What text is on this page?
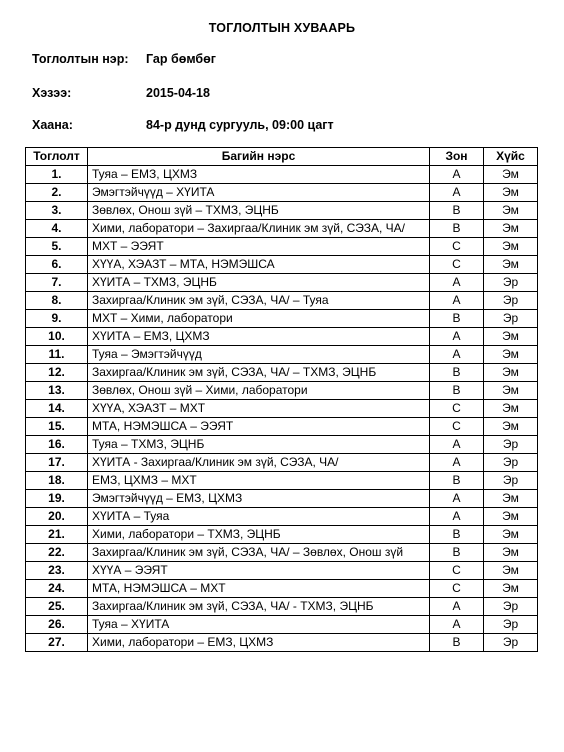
ТОГЛОЛТЫН ХУВААРЬ
Тоглолтын нэр: Гар бөмбөг
Хэзээ:	2015-04-18
Хаана:	84-р дунд сургууль, 09:00 цагт
Тоглолт	Багийн нэрс	Зон	Хүйс
1.	Туяа – ЕМЗ, ЦХМЗ	A	Эм
2.	Эмэгтэйчүүд – ХҮИТА	A	Эм
3.	Зөвлөх, Онош зүй – ТХМЗ, ЭЦНБ	B	Эм
4.	Хими, лаборатори – Захиргаа/Клиник эм зүй, СЭЗА, ЧА/	B	Эм
5.	МХТ – ЭЭЯТ	C	Эм
6.	ХҮҮА, ХЭАЗТ – МТА, НЭМЭШСА	C	Эм
7.	ХҮИТА – ТХМЗ, ЭЦНБ	A	Эр
8.	Захиргаа/Клиник эм зүй, СЭЗА, ЧА/ – Туяа	A	Эр
9.	МХТ – Хими, лаборатори	B	Эр
10.	ХҮИТА – ЕМЗ, ЦХМЗ	A	Эм
11.	Туяа – Эмэгтэйчүүд	A	Эм
12.	Захиргаа/Клиник эм зүй, СЭЗА, ЧА/ – ТХМЗ, ЭЦНБ	B	Эм
13.	Зөвлөх, Онош зүй – Хими, лаборатори	B	Эм
14.	ХҮҮА, ХЭАЗТ – МХТ	C	Эм
15.	МТА, НЭМЭШСА – ЭЭЯТ	C	Эм
16.	Туяа – ТХМЗ, ЭЦНБ	A	Эр
17.	ХҮИТА - Захиргаа/Клиник эм зүй, СЭЗА, ЧА/	A	Эр
18.	ЕМЗ, ЦХМЗ – МХТ	B	Эр
19.	Эмэгтэйчүүд – ЕМЗ, ЦХМЗ	A	Эм
20.	ХҮИТА – Туяа	A	Эм
21.	Хими, лаборатори – ТХМЗ, ЭЦНБ	B	Эм
22.	Захиргаа/Клиник эм зүй, СЭЗА, ЧА/ – Зөвлөх, Онош зүй	B	Эм
23.	ХҮҮА – ЭЭЯТ	C	Эм
24.	МТА, НЭМЭШСА – МХТ	C	Эм
25.	Захиргаа/Клиник эм зүй, СЭЗА, ЧА/ - ТХМЗ, ЭЦНБ	A	Эр
26.	Туяа – ХҮИТА	A	Эр
27.	Хими, лаборатори – ЕМЗ, ЦХМЗ	B	Эр
